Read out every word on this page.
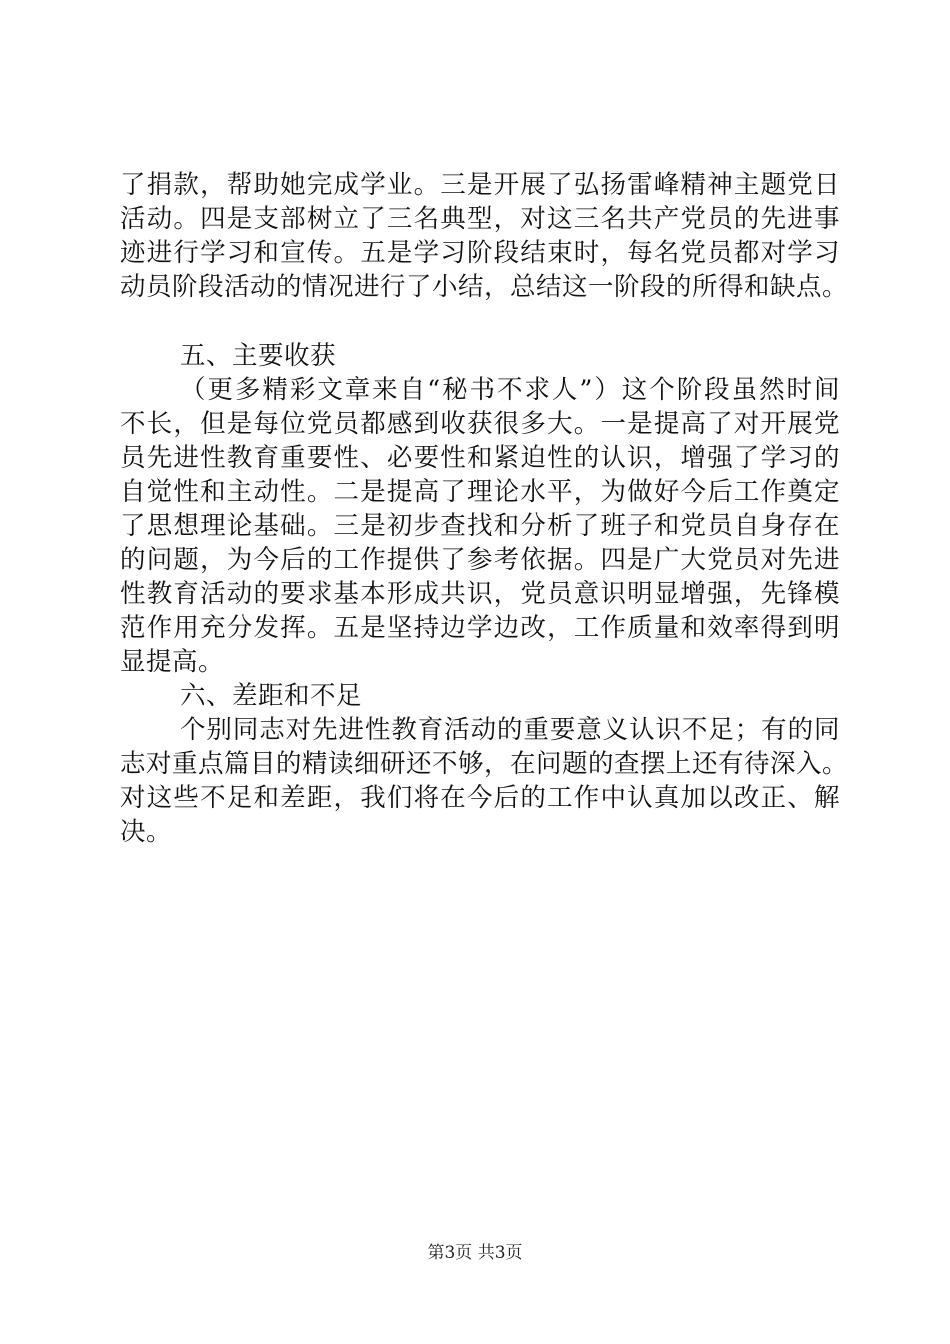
了捐款，帮助她完成学业。三是开展了弘扬雷峰精神主题党日
活动。四是支部树立了三名典型，对这三名共产党员的先进事
迹进行学习和宣传。五是学习阶段结束时，每名党员都对学习
动员阶段活动的情况进行了小结，总结这一阶段的所得和缺点。
五、主要收获
（更多精彩文章来自“秘书不求人”）这个阶段虽然时间
不长，但是每位党员都感到收获很多大。一是提高了对开展党
员先进性教育重要性、必要性和紧迫性的认识，增强了学习的
自觉性和主动性。二是提高了理论水平，为做好今后工作奠定
了思想理论基础。三是初步查找和分析了班子和党员自身存在
的问题，为今后的工作提供了参考依据。四是广大党员对先进
性教育活动的要求基本形成共识，党员意识明显增强，先锋模
范作用充分发挥。五是坚持边学边改，工作质量和效率得到明
显提高。
六、差距和不足
个别同志对先进性教育活动的重要意义认识不足；有的同
志对重点篇目的精读细研还不够，在问题的查摆上还有待深入。
对这些不足和差距，我们将在今后的工作中认真加以改正、解
决。
第3页 共3页
